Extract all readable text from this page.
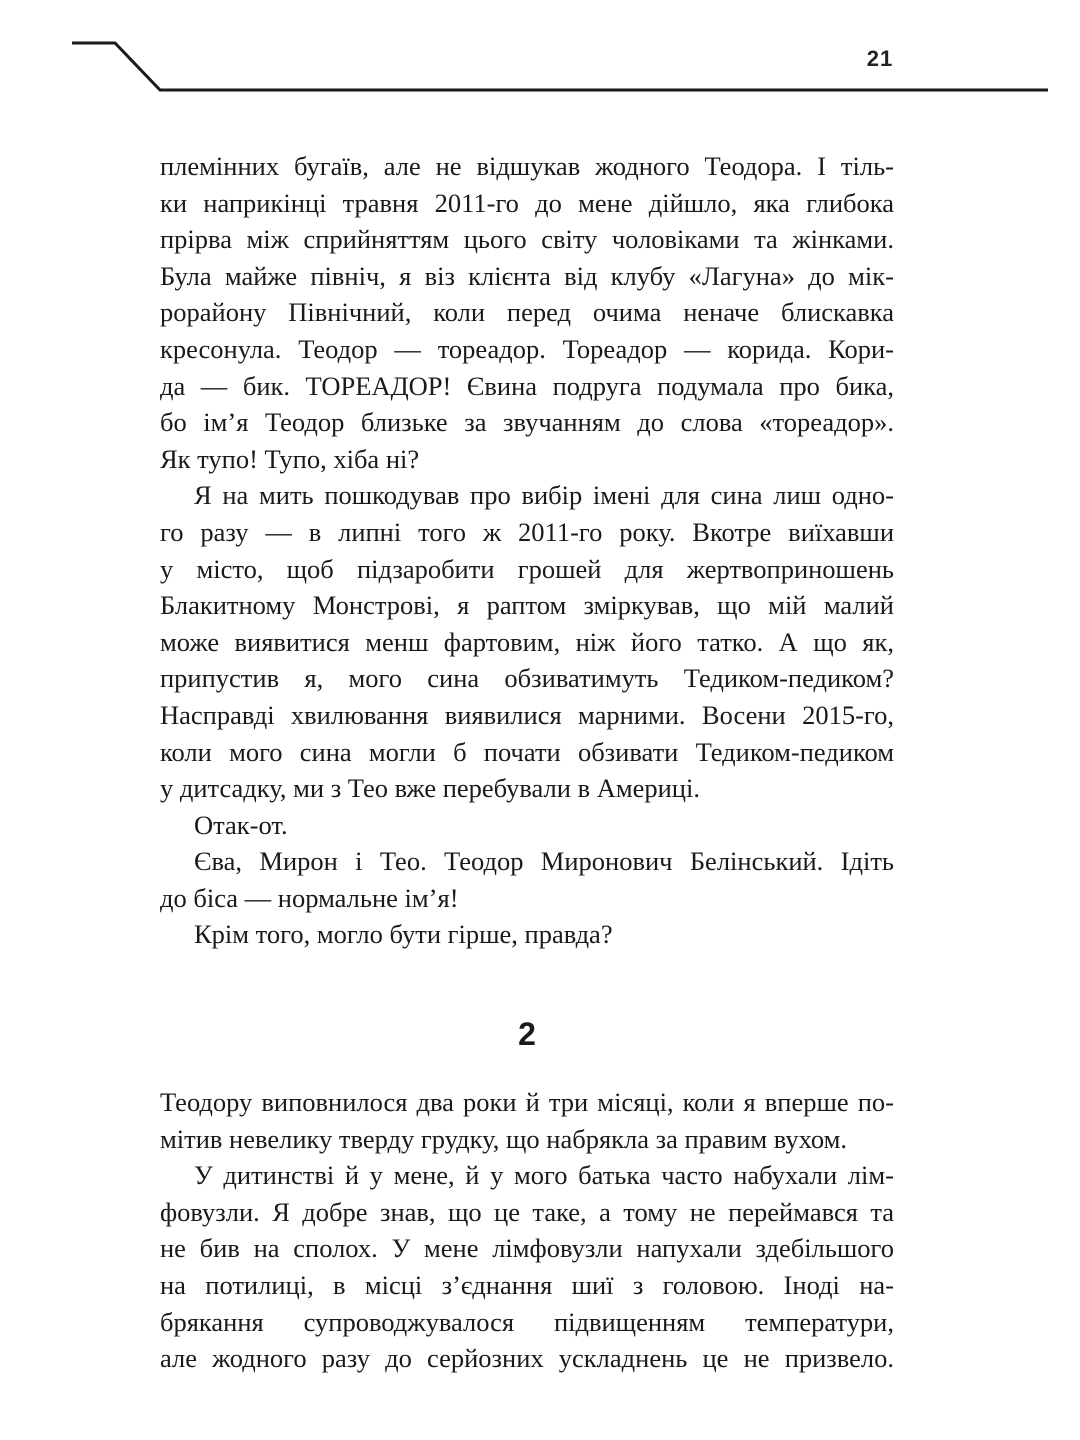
21
племінних бугаїв, але не відшукав жодного Теодора. І тіль-
ки наприкінці травня 2011-го до мене дійшло, яка глибока
прірва між сприйняттям цього світу чоловіками та жінками.
Була майже північ, я віз клієнта від клубу «Лагуна» до мік-
рорайону Північний, коли перед очима неначе блискавка
кресонула. Теодор — тореадор. Тореадор — корида. Кори-
да — бик. ТОРЕАДОР! Євина подруга подумала про бика,
бо ім’я Теодор близьке за звучанням до слова «тореадор».
Як тупо! Тупо, хіба ні?
Я на мить пошкодував про вибір імені для сина лиш одно-
го разу — в липні того ж 2011-го року. Вкотре виїхавши
у місто, щоб підзаробити грошей для жертвоприношень
Блакитному Монстрові, я раптом зміркував, що мій малий
може виявитися менш фартовим, ніж його татко. А що як,
припустив я, мого сина обзиватимуть Тедиком-педиком?
Насправді хвилювання виявилися марними. Восени 2015-го,
коли мого сина могли б почати обзивати Тедиком-педиком
у дитсадку, ми з Тео вже перебували в Америці.
Отак-от.
Єва, Мирон і Тео. Теодор Миронович Белінський. Ідіть
до біса — нормальне ім’я!
Крім того, могло бути гірше, правда?
2
Теодору виповнилося два роки й три місяці, коли я вперше по-
мітив невелику тверду грудку, що набрякла за правим вухом.
У дитинстві й у мене, й у мого батька часто набухали лім-
фовузли. Я добре знав, що це таке, а тому не переймався та
не бив на сполох. У мене лімфовузли напухали здебільшого
на потилиці, в місці з’єднання шиї з головою. Іноді на-
брякання супроводжувалося підвищенням температури,
але жодного разу до серйозних ускладнень це не призвело.
